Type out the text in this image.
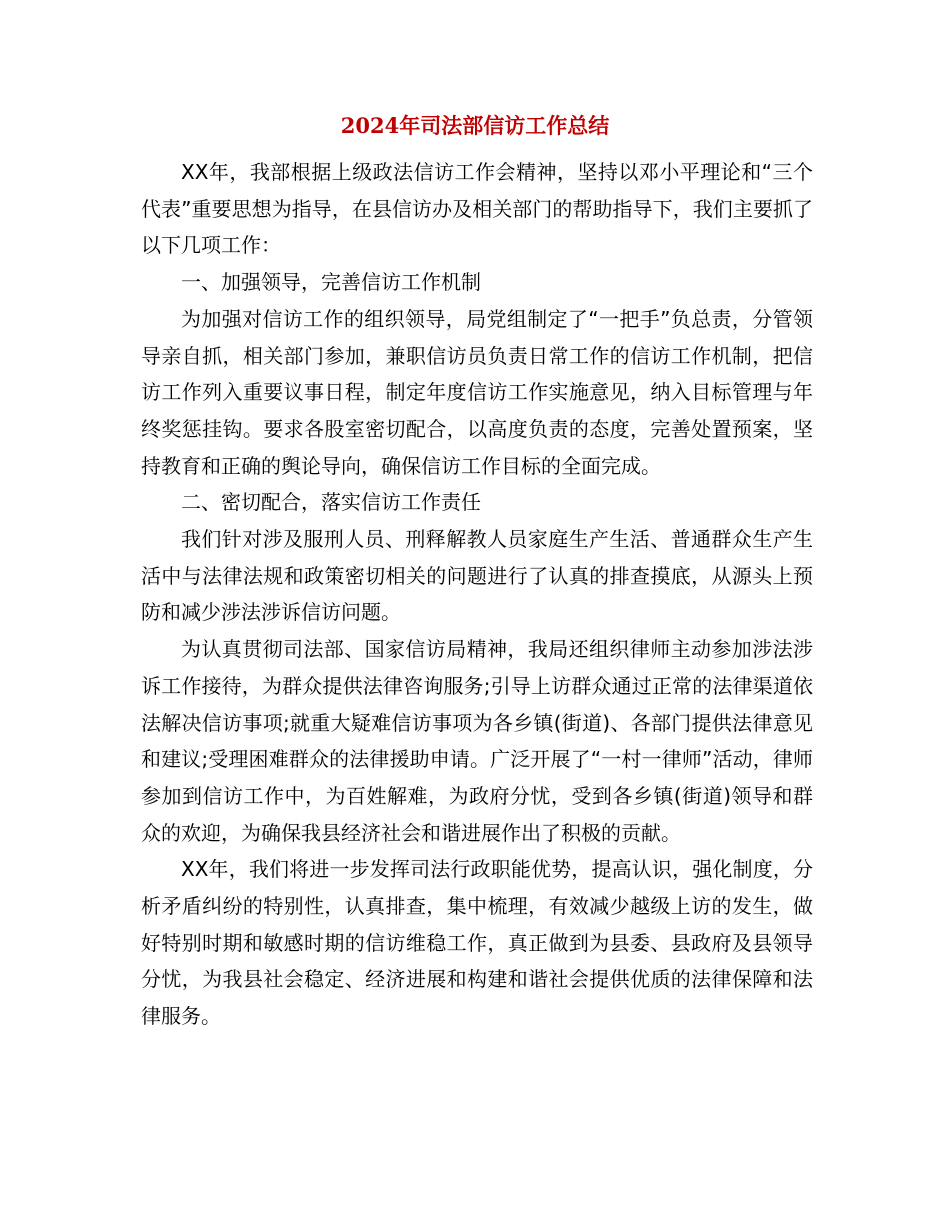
2024年司法部信访工作总结

XX年，我部根据上级政法信访工作会精神，坚持以邓小平理论和“三个代表”重要思想为指导，在县信访办及相关部门的帮助指导下，我们主要抓了以下几项工作：

一、加强领导，完善信访工作机制

为加强对信访工作的组织领导，局党组制定了“一把手”负总责，分管领导亲自抓，相关部门参加，兼职信访员负责日常工作的信访工作机制，把信访工作列入重要议事日程，制定年度信访工作实施意见，纳入目标管理与年终奖惩挂钩。要求各股室密切配合，以高度负责的态度，完善处置预案，坚持教育和正确的舆论导向，确保信访工作目标的全面完成。

二、密切配合，落实信访工作责任

我们针对涉及服刑人员、刑释解教人员家庭生产生活、普通群众生产生活中与法律法规和政策密切相关的问题进行了认真的排查摸底，从源头上预防和减少涉法涉诉信访问题。

为认真贯彻司法部、国家信访局精神，我局还组织律师主动参加涉法涉诉工作接待，为群众提供法律咨询服务;引导上访群众通过正常的法律渠道依法解决信访事项;就重大疑难信访事项为各乡镇(街道)、各部门提供法律意见和建议;受理困难群众的法律援助申请。广泛开展了“一村一律师”活动，律师参加到信访工作中，为百姓解难，为政府分忧，受到各乡镇(街道)领导和群众的欢迎，为确保我县经济社会和谐进展作出了积极的贡献。

XX年，我们将进一步发挥司法行政职能优势，提高认识，强化制度，分析矛盾纠纷的特别性，认真排查，集中梳理，有效减少越级上访的发生，做好特别时期和敏感时期的信访维稳工作，真正做到为县委、县政府及县领导分忧，为我县社会稳定、经济进展和构建和谐社会提供优质的法律保障和法律服务。
